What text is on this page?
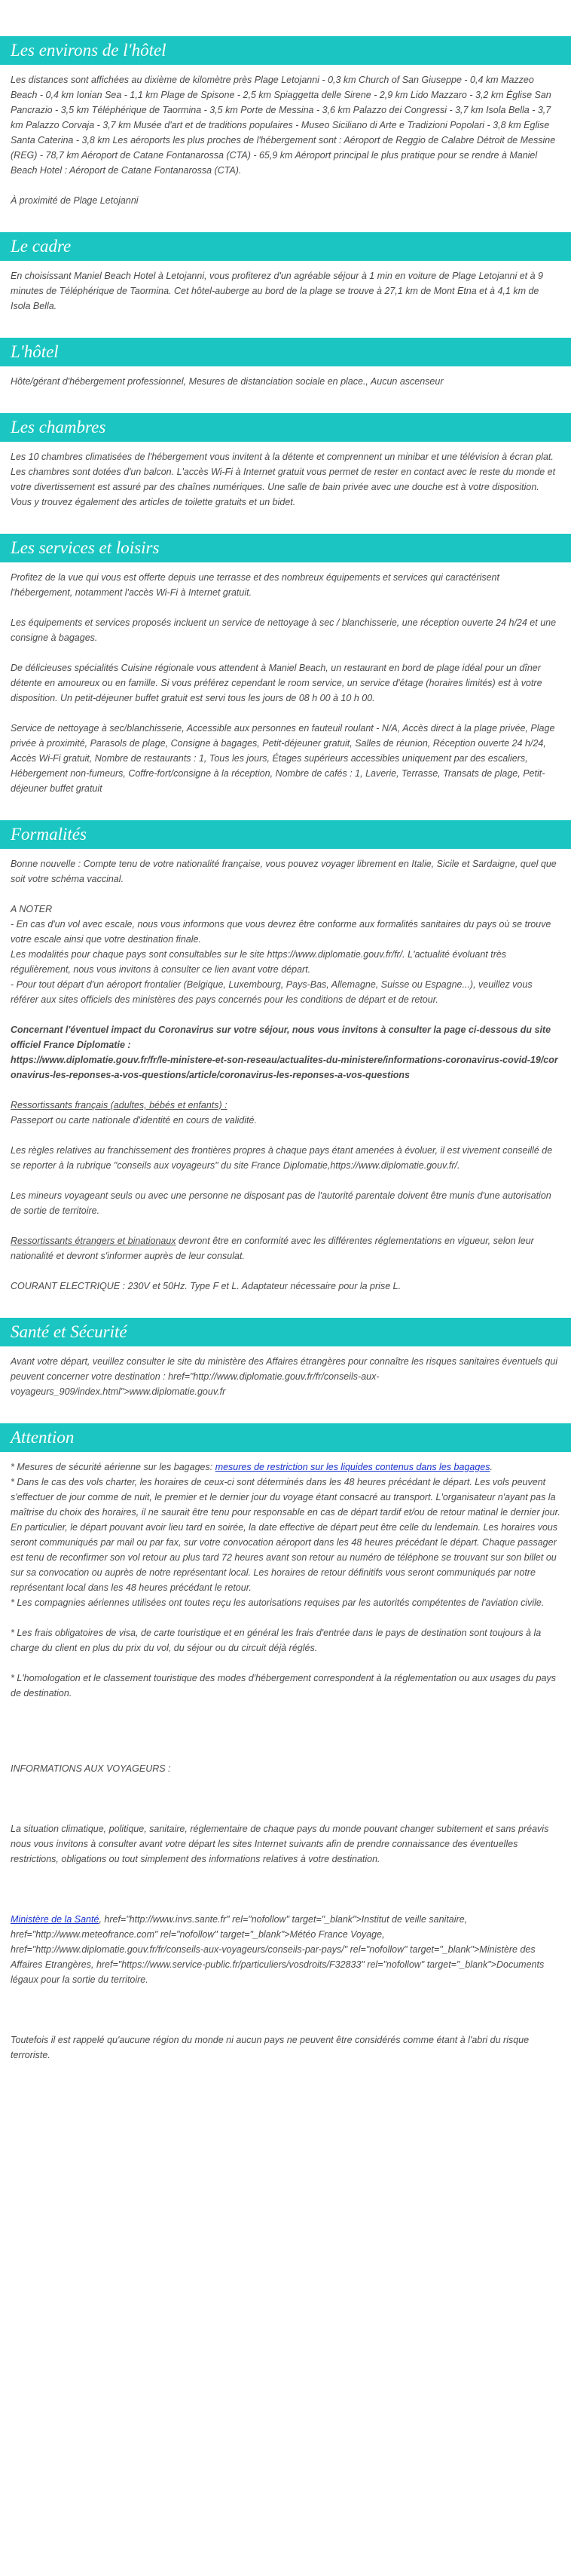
Les environs de l'hôtel

Les distances sont affichées au dixième de kilomètre près Plage Letojanni - 0,3 km Church of San Giuseppe - 0,4 km Mazzeo Beach - 0,4 km Ionian Sea - 1,1 km Plage de Spisone - 2,5 km Spiaggetta delle Sirene - 2,9 km Lido Mazzaro - 3,2 km Église San Pancrazio - 3,5 km Téléphérique de Taormina - 3,5 km Porte de Messina - 3,6 km Palazzo dei Congressi - 3,7 km Isola Bella - 3,7 km Palazzo Corvaja - 3,7 km Musée d'art et de traditions populaires - Museo Siciliano di Arte e Tradizioni Popolari - 3,8 km Eglise Santa Caterina - 3,8 km Les aéroports les plus proches de l'hébergement sont : Aéroport de Reggio de Calabre Détroit de Messine (REG) - 78,7 km Aéroport de Catane Fontanarossa (CTA) - 65,9 km Aéroport principal le plus pratique pour se rendre à Maniel Beach Hotel : Aéroport de Catane Fontanarossa (CTA).

À proximité de Plage Letojanni

Le cadre

En choisissant Maniel Beach Hotel à Letojanni, vous profiterez d'un agréable séjour à 1 min en voiture de Plage Letojanni et à 9 minutes de Téléphérique de Taormina. Cet hôtel-auberge au bord de la plage se trouve à 27,1 km de Mont Etna et à 4,1 km de Isola Bella.

L'hôtel

Hôte/gérant d'hébergement professionnel, Mesures de distanciation sociale en place., Aucun ascenseur

Les chambres

Les 10 chambres climatisées de l'hébergement vous invitent à la détente et comprennent un minibar et une télévision à écran plat. Les chambres sont dotées d'un balcon. L'accès Wi-Fi à Internet gratuit vous permet de rester en contact avec le reste du monde et votre divertissement est assuré par des chaînes numériques. Une salle de bain privée avec une douche est à votre disposition. Vous y trouvez également des articles de toilette gratuits et un bidet.

Les services et loisirs

Profitez de la vue qui vous est offerte depuis une terrasse et des nombreux équipements et services qui caractérisent l'hébergement, notamment l'accès Wi-Fi à Internet gratuit.

Les équipements et services proposés incluent un service de nettoyage à sec / blanchisserie, une réception ouverte 24 h/24 et une consigne à bagages.

De délicieuses spécialités Cuisine régionale vous attendent à Maniel Beach, un restaurant en bord de plage idéal pour un dîner détente en amoureux ou en famille. Si vous préférez cependant le room service, un service d'étage (horaires limités) est à votre disposition. Un petit-déjeuner buffet gratuit est servi tous les jours de 08 h 00 à 10 h 00.

Service de nettoyage à sec/blanchisserie, Accessible aux personnes en fauteuil roulant - N/A, Accès direct à la plage privée, Plage privée à proximité, Parasols de plage, Consigne à bagages, Petit-déjeuner gratuit, Salles de réunion, Réception ouverte 24 h/24, Accès Wi-Fi gratuit, Nombre de restaurants : 1, Tous les jours, Étages supérieurs accessibles uniquement par des escaliers, Hébergement non-fumeurs, Coffre-fort/consigne à la réception, Nombre de cafés : 1, Laverie, Terrasse, Transats de plage, Petit-déjeuner buffet gratuit

Formalités

Bonne nouvelle : Compte tenu de votre nationalité française, vous pouvez voyager librement en Italie, Sicile et Sardaigne, quel que soit votre schéma vaccinal.

A NOTER

- En cas d'un vol avec escale, nous vous informons que vous devrez être conforme aux formalités sanitaires du pays où se trouve votre escale ainsi que votre destination finale.

Les modalités pour chaque pays sont consultables sur le site https://www.diplomatie.gouv.fr/fr/. L'actualité évoluant très régulièrement, nous vous invitons à consulter ce lien avant votre départ.

- Pour tout départ d'un aéroport frontalier (Belgique, Luxembourg, Pays-Bas, Allemagne, Suisse ou Espagne...), veuillez vous référer aux sites officiels des ministères des pays concernés pour les conditions de départ et de retour.

Concernant l'éventuel impact du Coronavirus sur votre séjour, nous vous invitons à consulter la page ci-dessous du site officiel France Diplomatie :

https://www.diplomatie.gouv.fr/fr/le-ministere-et-son-reseau/actualites-du-ministere/informations-coronavirus-covid-19/coronavirus-les-reponses-a-vos-questions/article/coronavirus-les-reponses-a-vos-questions

Ressortissants français (adultes, bébés et enfants) :

Passeport ou carte nationale d'identité en cours de validité.

Les règles relatives au franchissement des frontières propres à chaque pays étant amenées à évoluer, il est vivement conseillé de se reporter à la rubrique "conseils aux voyageurs" du site France Diplomatie,https://www.diplomatie.gouv.fr/.

Les mineurs voyageant seuls ou avec une personne ne disposant pas de l'autorité parentale doivent être munis d'une autorisation de sortie de territoire.

Ressortissants étrangers et binationaux devront être en conformité avec les différentes réglementations en vigueur, selon leur nationalité et devront s'informer auprès de leur consulat.

COURANT ELECTRIQUE : 230V et 50Hz. Type F et L. Adaptateur nécessaire pour la prise L.

Santé et Sécurité

Avant votre départ, veuillez consulter le site du ministère des Affaires étrangères pour connaître les risques sanitaires éventuels qui peuvent concerner votre destination : href="http://www.diplomatie.gouv.fr/fr/conseils-aux-voyageurs_909/index.html">www.diplomatie.gouv.fr

Attention

* Mesures de sécurité aérienne sur les bagages: mesures de restriction sur les liquides contenus dans les bagages.

* Dans le cas des vols charter, les horaires de ceux-ci sont déterminés dans les 48 heures précédant le départ. Les vols peuvent s'effectuer de jour comme de nuit, le premier et le dernier jour du voyage étant consacré au transport. L'organisateur n'ayant pas la maîtrise du choix des horaires, il ne saurait être tenu pour responsable en cas de départ tardif et/ou de retour matinal le dernier jour. En particulier, le départ pouvant avoir lieu tard en soirée, la date effective de départ peut être celle du lendemain. Les horaires vous seront communiqués par mail ou par fax, sur votre convocation aéroport dans les 48 heures précédant le départ. Chaque passager est tenu de reconfirmer son vol retour au plus tard 72 heures avant son retour au numéro de téléphone se trouvant sur son billet ou sur sa convocation ou auprès de notre représentant local. Les horaires de retour définitifs vous seront communiqués par notre représentant local dans les 48 heures précédant le retour.

* Les compagnies aériennes utilisées ont toutes reçu les autorisations requises par les autorités compétentes de l'aviation civile.

* Les frais obligatoires de visa, de carte touristique et en général les frais d'entrée dans le pays de destination sont toujours à la charge du client en plus du prix du vol, du séjour ou du circuit déjà réglés.

* L'homologation et le classement touristique des modes d'hébergement correspondent à la réglementation ou aux usages du pays de destination.

INFORMATIONS AUX VOYAGEURS :

La situation climatique, politique, sanitaire, réglementaire de chaque pays du monde pouvant changer subitement et sans préavis
nous vous invitons à consulter avant votre départ les sites Internet suivants afin de prendre connaissance des éventuelles restrictions, obligations ou tout simplement des informations relatives à votre destination.

Ministère de la Santé, href="http://www.invs.sante.fr" rel="nofollow" target="_blank">Institut de veille sanitaire, href="http://www.meteofrance.com" rel="nofollow" target="_blank">Météo France Voyage, href="http://www.diplomatie.gouv.fr/fr/conseils-aux-voyageurs/conseils-par-pays/" rel="nofollow" target="_blank">Ministère des Affaires Etrangères, href="https://www.service-public.fr/particuliers/vosdroits/F32833" rel="nofollow" target="_blank">Documents légaux pour la sortie du territoire.

Toutefois il est rappelé qu'aucune région du monde ni aucun pays ne peuvent être considérés comme étant à l'abri du risque terroriste.
